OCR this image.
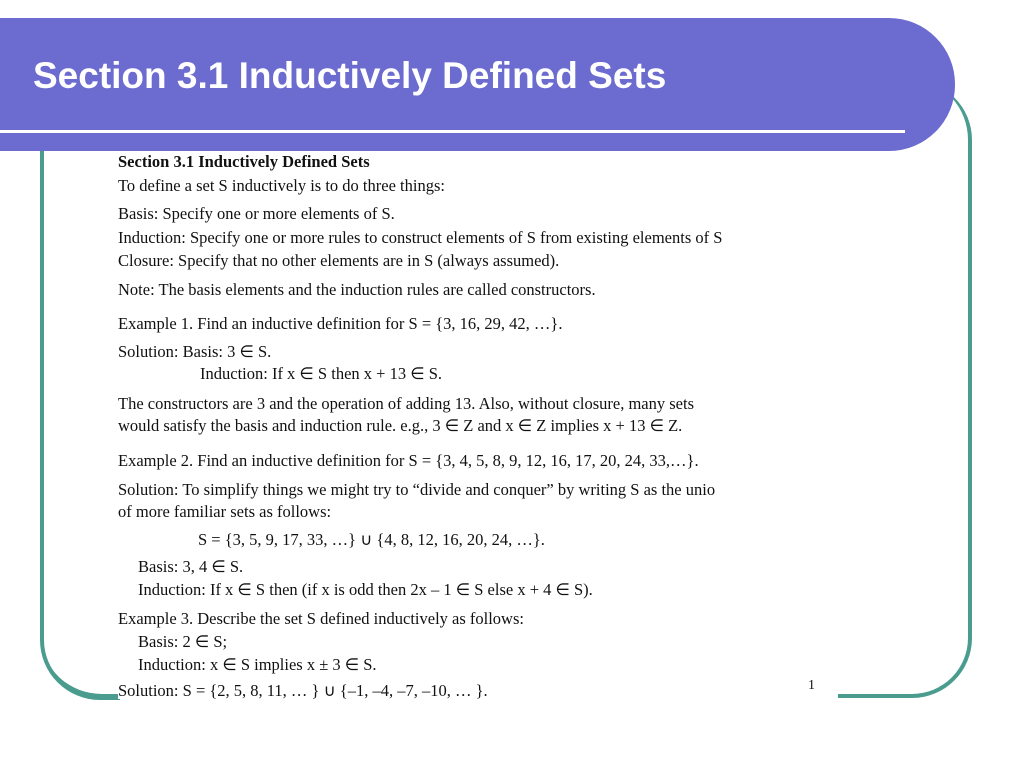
Section 3.1 Inductively Defined Sets
Section 3.1 Inductively Defined Sets
To define a set S inductively is to do three things:
Basis: Specify one or more elements of S.
Induction: Specify one or more rules to construct elements of S from existing elements of S
Closure: Specify that no other elements are in S (always assumed).
Note: The basis elements and the induction rules are called constructors.
Example 1. Find an inductive definition for S = {3, 16, 29, 42, …}.
Solution: Basis: 3 ∈ S.
Induction: If x ∈ S then x + 13 ∈ S.
The constructors are 3 and the operation of adding 13. Also, without closure, many sets
would satisfy the basis and induction rule. e.g., 3 ∈ Z and x ∈ Z implies x + 13 ∈ Z.
Example 2. Find an inductive definition for S = {3, 4, 5, 8, 9, 12, 16, 17, 20, 24, 33,…}.
Solution: To simplify things we might try to “divide and conquer” by writing S as the unio
of more familiar sets as follows:
S = {3, 5, 9, 17, 33, …} ∪ {4, 8, 12, 16, 20, 24, …}.
Basis: 3, 4 ∈ S.
Induction: If x ∈ S then (if x is odd then 2x – 1 ∈ S else x + 4 ∈ S).
Example 3. Describe the set S defined inductively as follows:
Basis: 2 ∈ S;
Induction: x ∈ S implies x ± 3 ∈ S.
Solution: S = {2, 5, 8, 11, … } ∪ {–1, –4, –7, –10, … }.	1
